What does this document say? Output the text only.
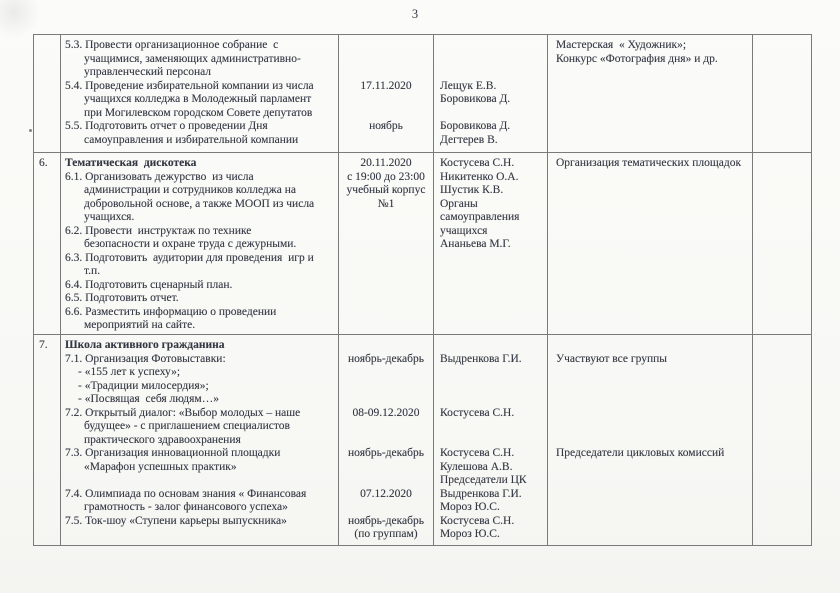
3
5.3. Провести организационное собрание  с
учащимися, заменяющих административно-
управленческий персонал
5.4. Проведение избирательной компании из числа
учащихся колледжа в Молодежный парламент
при Могилевском городском Совете депутатов
5.5. Подготовить отчет о проведении Дня
самоуправления и избирательной компании
17.11.2020
ноябрь
Лещук Е.В.
Боровикова Д.
Боровикова Д.
Дегтерев В.
Мастерская  « Художник»;
Конкурс «Фотография дня» и др.
6.	Тематическая  дискотека
6.1. Организовать дежурство  из числа
администрации и сотрудников колледжа на
добровольной основе, а также МООП из числа
учащихся.
6.2. Провести  инструктаж по технике
безопасности и охране труда с дежурными.
6.3. Подготовить  аудитории для проведения  игр и
т.п.
6.4. Подготовить сценарный план.
6.5. Подготовить отчет.
6.6. Разместить информацию о проведении
мероприятий на сайте.
20.11.2020
с 19:00 до 23:00
учебный корпус
№1
Костусева С.Н.
Никитенко О.А.
Шустик К.В.
Органы
самоуправления
учащихся
Ананьева М.Г.
Организация тематических площадок
7.	Школа активного гражданина
7.1. Организация Фотовыставки:
- «155 лет к успеху»;
- «Традиции милосердия»;
- «Посвящая  себя людям…»
7.2. Открытый диалог: «Выбор молодых – наше
будущее» - с приглашением специалистов
практического здравоохранения
7.3. Организация инновационной площадки
«Марафон успешных практик»
7.4. Олимпиада по основам знания « Финансовая
грамотность - залог финансового успеха»
7.5. Ток-шоу «Ступени карьеры выпускника»
ноябрь-декабрь
08-09.12.2020
ноябрь-декабрь
07.12.2020
ноябрь-декабрь
(по группам)
Выдренкова Г.И.
Костусева С.Н.
Костусева С.Н.
Кулешова А.В.
Председатели ЦК
Выдренкова Г.И.
Мороз Ю.С.
Костусева С.Н.
Мороз Ю.С.
Участвуют все группы
Председатели цикловых комиссий
